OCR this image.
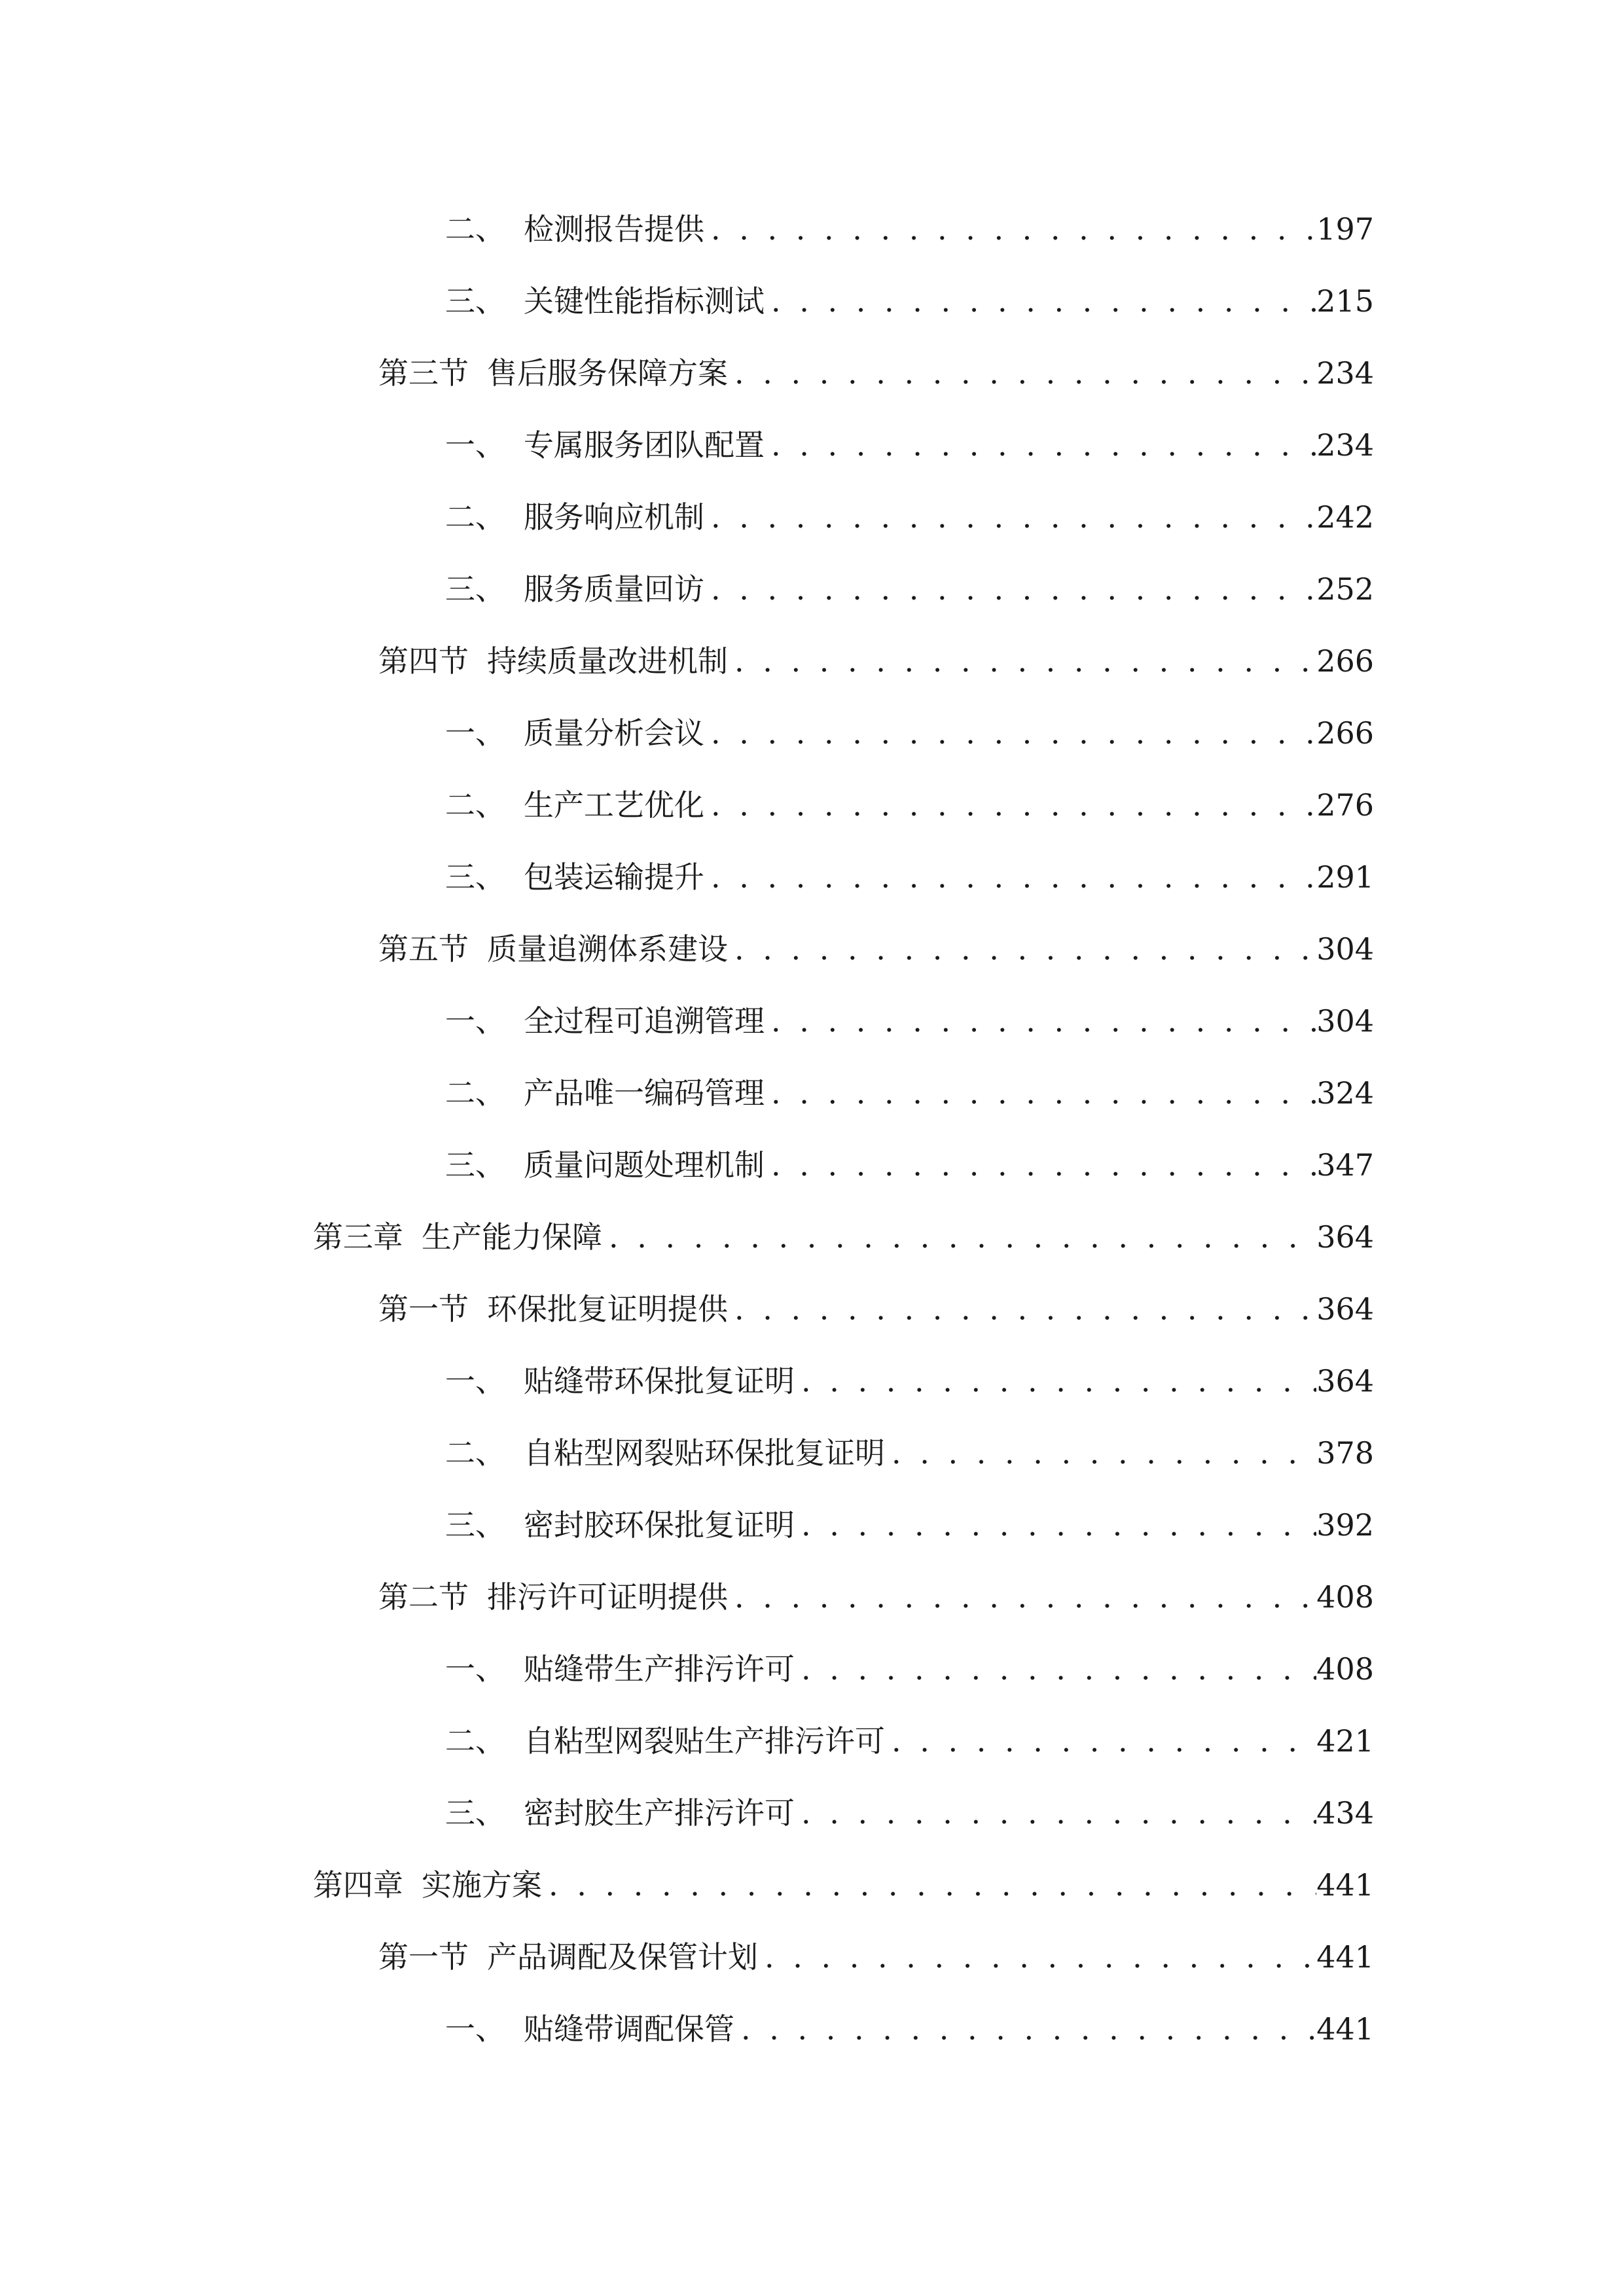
二、 检测报告提供 . . .	197
三、 关键性能指标测试 . . .	215
第三节 售后服务保障方案 . . .	234
一、 专属服务团队配置 . . .	234
二、 服务响应机制 . . .	242
三、 服务质量回访 . . .	252
第四节 持续质量改进机制 . . .	266
一、 质量分析会议 . . .	266
二、 生产工艺优化 . . .	276
三、 包装运输提升 . . .	291
第五节 质量追溯体系建设 . . .	304
一、 全过程可追溯管理 . . .	304
二、 产品唯一编码管理 . . .	324
三、 质量问题处理机制 . . .	347
第三章 生产能力保障 . . .	364
第一节 环保批复证明提供 . . .	364
一、 贴缝带环保批复证明 . . .	364
二、 自粘型网裂贴环保批复证明 . . .	378
三、 密封胶环保批复证明 . . .	392
第二节 排污许可证明提供 . . .	408
一、 贴缝带生产排污许可 . . .	408
二、 自粘型网裂贴生产排污许可 . . .	421
三、 密封胶生产排污许可 . . .	434
第四章 实施方案 . . .	441
第一节 产品调配及保管计划 . . .	441
一、 贴缝带调配保管 . . .	441
